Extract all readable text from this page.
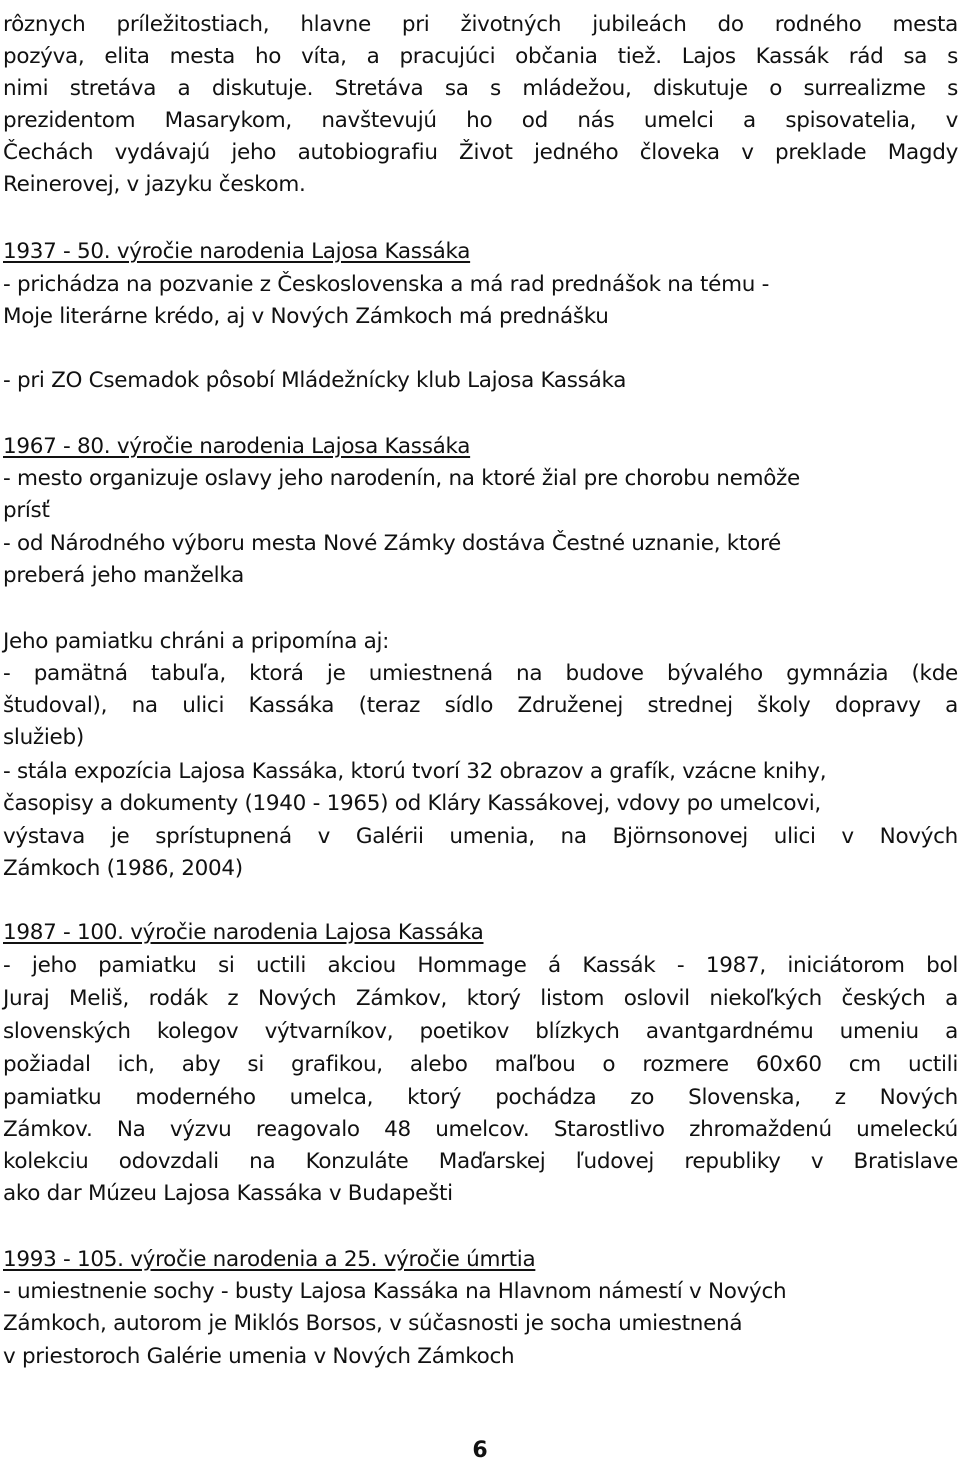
rôznych príležitostiach, hlavne pri životných jubileách do rodného mesta
pozýva, elita mesta ho víta, a pracujúci občania tiež. Lajos Kassák rád sa s
nimi stretáva a diskutuje. Stretáva sa s mládežou, diskutuje o surrealizme s
prezidentom Masarykom, navštevujú ho od nás umelci a spisovatelia, v
Čechách vydávajú jeho autobiografiu Život jedného človeka v preklade Magdy
Reinerovej, v jazyku českom.
1937 - 50. výročie narodenia Lajosa Kassáka
- prichádza na pozvanie z Československa a má rad prednášok na tému -
Moje literárne krédo, aj v Nových Zámkoch má prednášku
- pri ZO Csemadok pôsobí Mládežnícky klub Lajosa Kassáka
1967 - 80. výročie narodenia Lajosa Kassáka
- mesto organizuje oslavy jeho narodenín, na ktoré žial pre chorobu nemôže
prísť
- od Národného výboru mesta Nové Zámky dostáva Čestné uznanie, ktoré
preberá jeho manželka
Jeho pamiatku chráni a pripomína aj:
- pamätná tabuľa, ktorá je umiestnená na budove bývalého gymnázia (kde
študoval), na ulici Kassáka (teraz sídlo Združenej strednej školy dopravy a
služieb)
- stála expozícia Lajosa Kassáka, ktorú tvorí 32 obrazov a grafík, vzácne knihy,
časopisy a dokumenty (1940 - 1965) od Kláry Kassákovej, vdovy po umelcovi,
výstava je sprístupnená v Galérii umenia, na Björnsonovej ulici v Nových
Zámkoch (1986, 2004)
1987 - 100. výročie narodenia Lajosa Kassáka
- jeho pamiatku si uctili akciou Hommage á Kassák - 1987, iniciátorom bol
Juraj Meliš, rodák z Nových Zámkov, ktorý listom oslovil niekoľkých českých a
slovenských kolegov výtvarníkov, poetikov blízkych avantgardnému umeniu a
požiadal ich, aby si grafikou, alebo maľbou o rozmere 60x60 cm uctili
pamiatku moderného umelca, ktorý pochádza zo Slovenska, z Nových
Zámkov. Na výzvu reagovalo 48 umelcov. Starostlivo zhromaždenú umeleckú
kolekciu odovzdali na Konzuláte Maďarskej ľudovej republiky v Bratislave
ako dar Múzeu Lajosa Kassáka v Budapešti
1993 - 105. výročie narodenia a 25. výročie úmrtia
- umiestnenie sochy - busty Lajosa Kassáka na Hlavnom námestí v Nových
Zámkoch, autorom je Miklós Borsos, v súčasnosti je socha umiestnená
v priestoroch Galérie umenia v Nových Zámkoch
6
